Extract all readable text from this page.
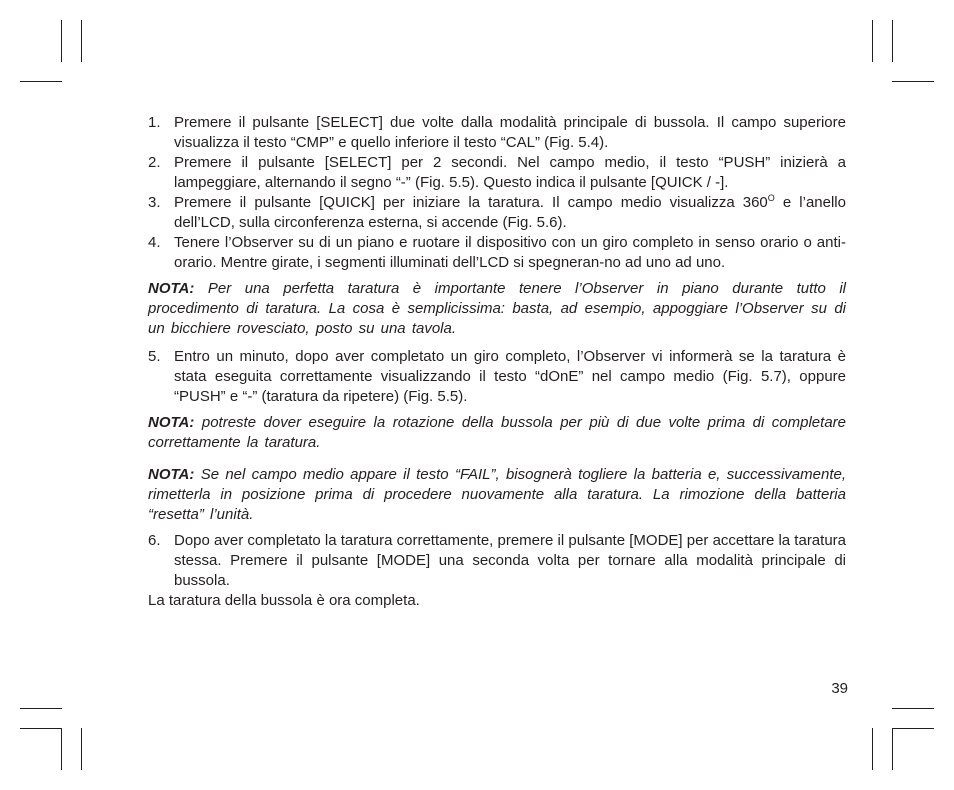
1. Premere il pulsante [SELECT] due volte dalla modalità principale di bussola. Il campo superiore visualizza il testo “CMP” e quello inferiore il testo “CAL” (Fig. 5.4).
2. Premere il pulsante [SELECT] per 2 secondi. Nel campo medio, il testo “PUSH” inizierà a lampeggiare, alternando il segno “-” (Fig. 5.5). Questo indica il pulsante [QUICK / -].
3. Premere il pulsante [QUICK] per iniziare la taratura. Il campo medio visualizza $360^O$ e l’anello dell’LCD, sulla circonferenza esterna, si accende (Fig. 5.6).
4. Tenere l’Observer su di un piano e ruotare il dispositivo con un giro completo in senso orario o anti-orario. Mentre girate, i segmenti illuminati dell’LCD si spegneran-no ad uno ad uno.

NOTA: Per una perfetta taratura è importante tenere l’Observer in piano durante tutto il procedimento di taratura. La cosa è semplicissima: basta, ad esempio, appoggiare l’Observer su di un bicchiere rovesciato, posto su una tavola.

5. Entro un minuto, dopo aver completato un giro completo, l’Observer vi informerà se la taratura è stata eseguita correttamente visualizzando il testo “dOnE” nel campo medio (Fig. 5.7), oppure “PUSH” e “-” (taratura da ripetere) (Fig. 5.5).

NOTA: potreste dover eseguire la rotazione della bussola per più di due volte prima di completare correttamente la taratura.

NOTA: Se nel campo medio appare il testo “FAIL”, bisognerà togliere la batteria e, successivamente, rimetterla in posizione prima di procedere nuovamente alla taratura. La rimozione della batteria “resetta” l’unità.

6. Dopo aver completato la taratura correttamente, premere il pulsante [MODE] per accettare la taratura stessa. Premere il pulsante [MODE] una seconda volta per tornare alla modalità principale di bussola.

La taratura della bussola è ora completa.

39
